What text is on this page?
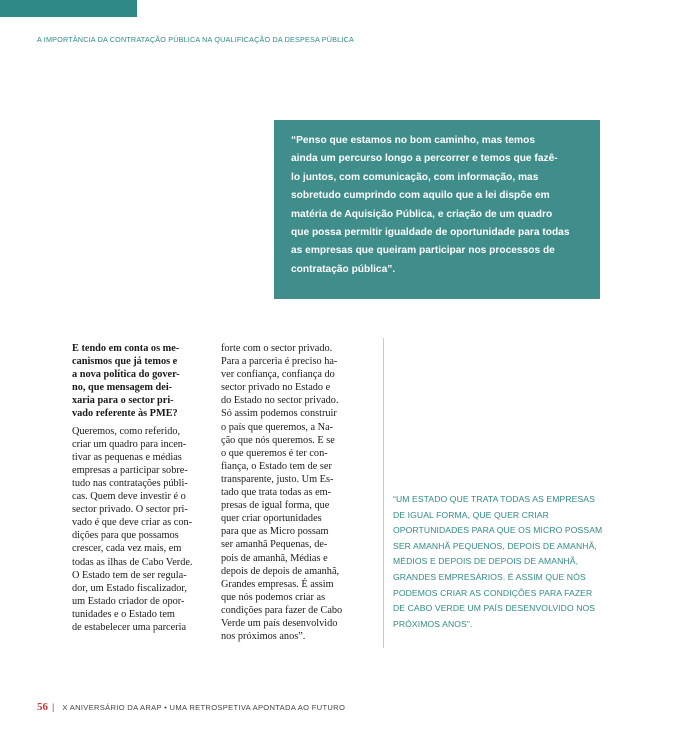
A IMPORTÂNCIA DA CONTRATAÇÃO PÚBLICA NA QUALIFICAÇÃO DA DESPESA PÚBLICA

“Penso que estamos no bom caminho, mas temos
ainda um percurso longo a percorrer e temos que fazê-
lo juntos, com comunicação, com informação, mas
sobretudo cumprindo com aquilo que a lei dispõe em
matéria de Aquisição Pública, e criação de um quadro
que possa permitir igualdade de oportunidade para todas
as empresas que queiram participar nos processos de
contratação pública”.

E tendo em conta os me-
canismos que já temos e
a nova política do gover-
no, que mensagem dei-
xaria para o sector pri-
vado referente às PME?
Queremos, como referido,
criar um quadro para incen-
tivar as pequenas e médias
empresas a participar sobre-
tudo nas contratações públi-
cas. Quem deve investir é o
sector privado. O sector pri-
vado é que deve criar as con-
dições para que possamos
crescer, cada vez mais, em
todas as ilhas de Cabo Verde.
O Estado tem de ser regula-
dor, um Estado fiscalizador,
um Estado criador de opor-
tunidades e o Estado tem
de estabelecer uma parceria
forte com o sector privado.
Para a parceria é preciso ha-
ver confiança, confiança do
sector privado no Estado e
do Estado no sector privado.
Só assim podemos construir
o país que queremos, a Na-
ção que nós queremos. E se
o que queremos é ter con-
fiança, o Estado tem de ser
transparente, justo. Um Es-
tado que trata todas as em-
presas de igual forma, que
quer criar oportunidades
para que as Micro possam
ser amanhã Pequenas, de-
pois de amanhã, Médias e
depois de depois de amanhã,
Grandes empresas. É assim
que nós podemos criar as
condições para fazer de Cabo
Verde um país desenvolvido
nos próximos anos”.
“UM ESTADO QUE TRATA TODAS AS EMPRESAS
DE IGUAL FORMA, QUE QUER CRIAR
OPORTUNIDADES PARA QUE OS MICRO POSSAM
SER AMANHÃ PEQUENOS, DEPOIS DE AMANHÃ,
MÉDIOS E DEPOIS DE DEPOIS DE AMANHÃ,
GRANDES EMPRESÁRIOS. É ASSIM QUE NÓS
PODEMOS CRIAR AS CONDIÇÕES PARA FAZER
DE CABO VERDE UM PAÍS DESENVOLVIDO NOS
PRÓXIMOS ANOS”.
56 | X ANIVERSÁRIO DA ARAP • UMA RETROSPETIVA APONTADA AO FUTURO
